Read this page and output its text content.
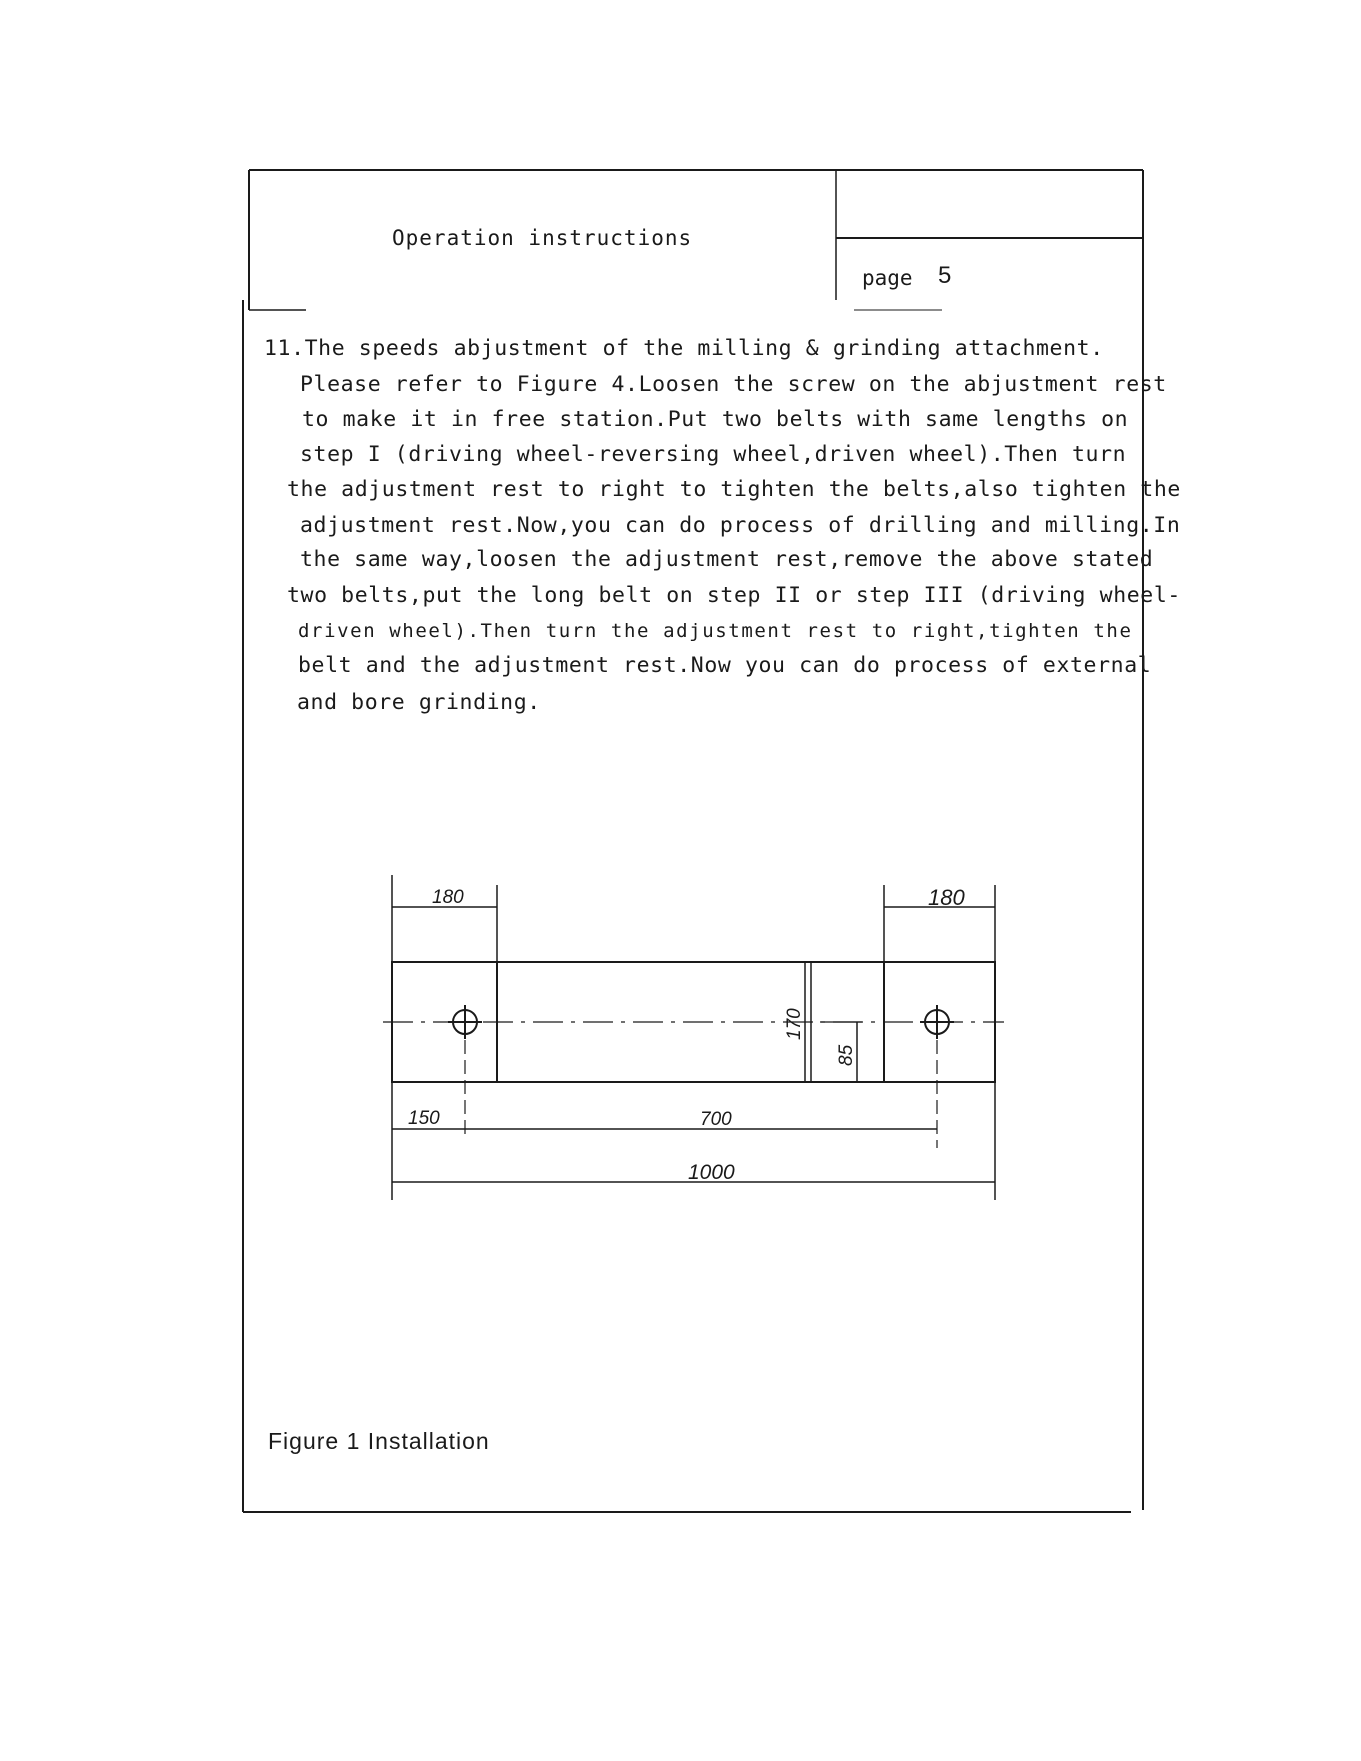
180	180
170
85
150	700
1000
Operation instructions
page 5
11.The speeds abjustment of the milling & grinding attachment.
Please refer to Figure 4.Loosen the screw on the abjustment rest
to make it in free station.Put two belts with same lengths on
step I (driving wheel-reversing wheel,driven wheel).Then turn
the adjustment rest to right to tighten the belts,also tighten the
adjustment rest.Now,you can do process of drilling and milling.In
the same way,loosen the adjustment rest,remove the above stated
two belts,put the long belt on step II or step III (driving wheel-
driven wheel).Then turn the adjustment rest to right,tighten the
belt and the adjustment rest.Now you can do process of external
and bore grinding.
Figure 1 Installation
